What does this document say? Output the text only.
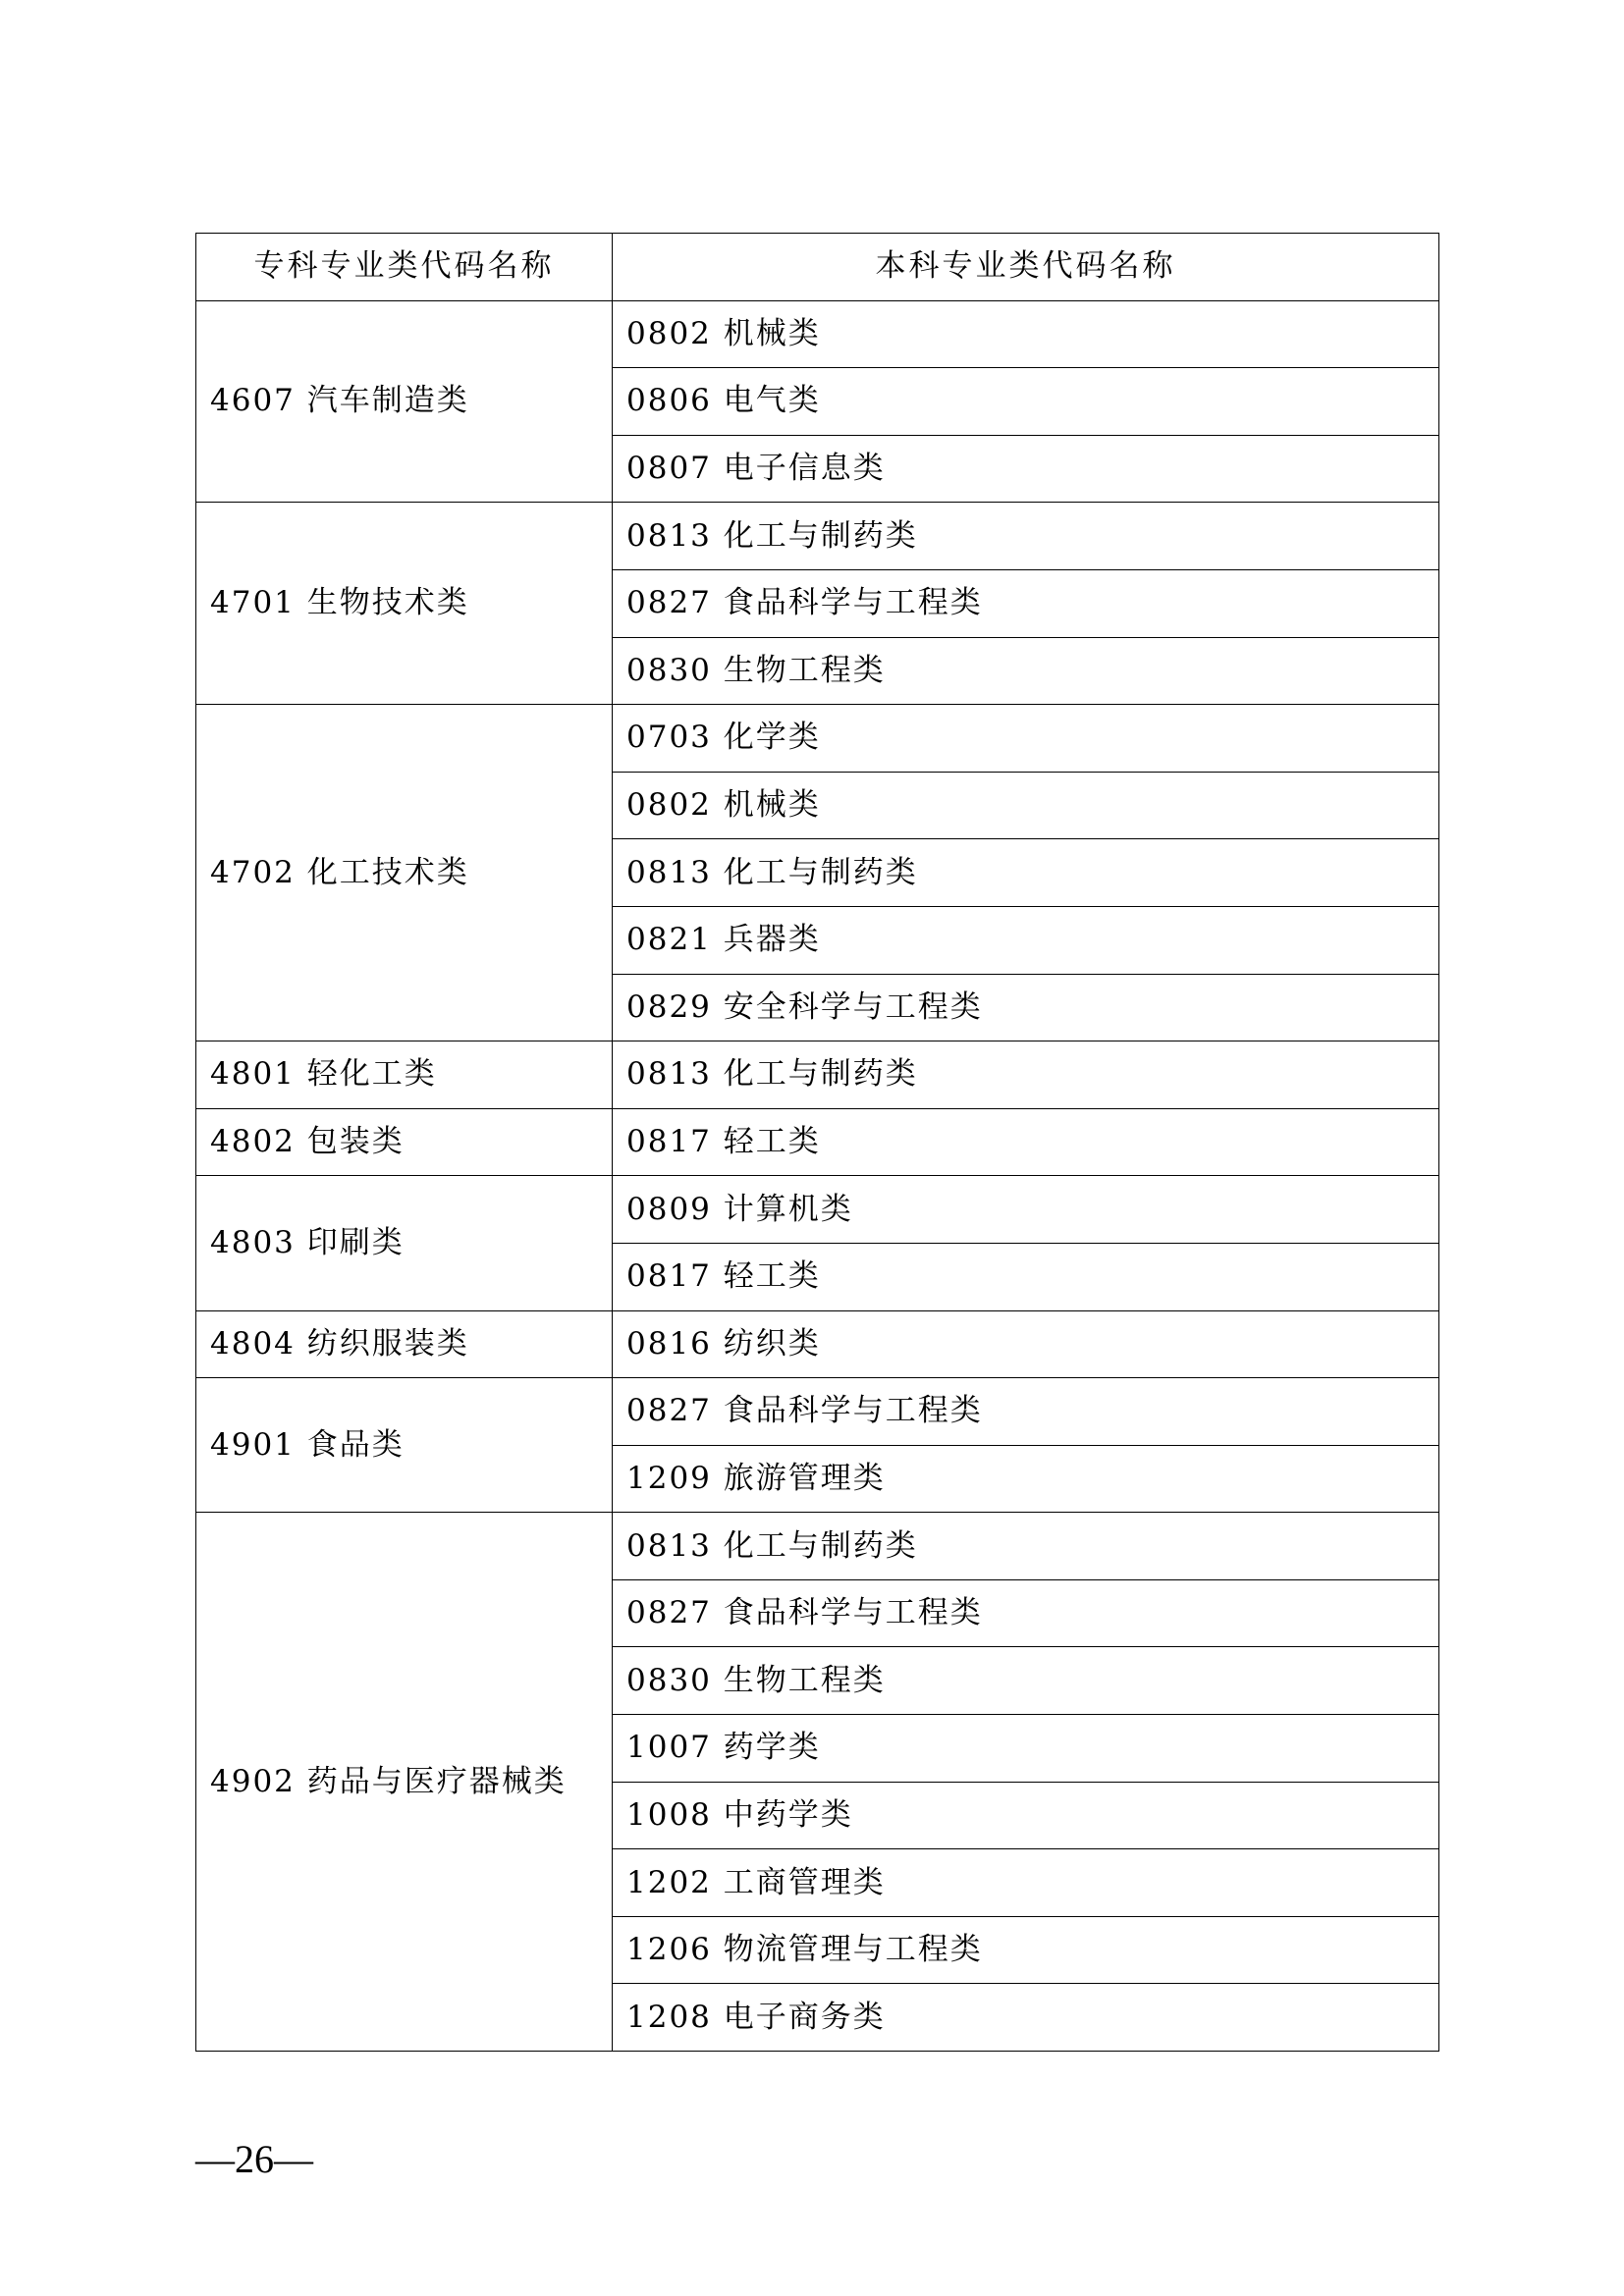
专科专业类代码名称	本科专业类代码名称
4607 汽车制造类	0802 机械类
	0806 电气类
	0807 电子信息类
4701 生物技术类	0813 化工与制药类
	0827 食品科学与工程类
	0830 生物工程类
4702 化工技术类	0703 化学类
	0802 机械类
	0813 化工与制药类
	0821 兵器类
	0829 安全科学与工程类
4801 轻化工类	0813 化工与制药类
4802 包装类	0817 轻工类
4803 印刷类	0809 计算机类
	0817 轻工类
4804 纺织服装类	0816 纺织类
4901 食品类	0827 食品科学与工程类
	1209 旅游管理类
4902 药品与医疗器械类	0813 化工与制药类
	0827 食品科学与工程类
	0830 生物工程类
	1007 药学类
	1008 中药学类
	1202 工商管理类
	1206 物流管理与工程类
	1208 电子商务类
—26—
